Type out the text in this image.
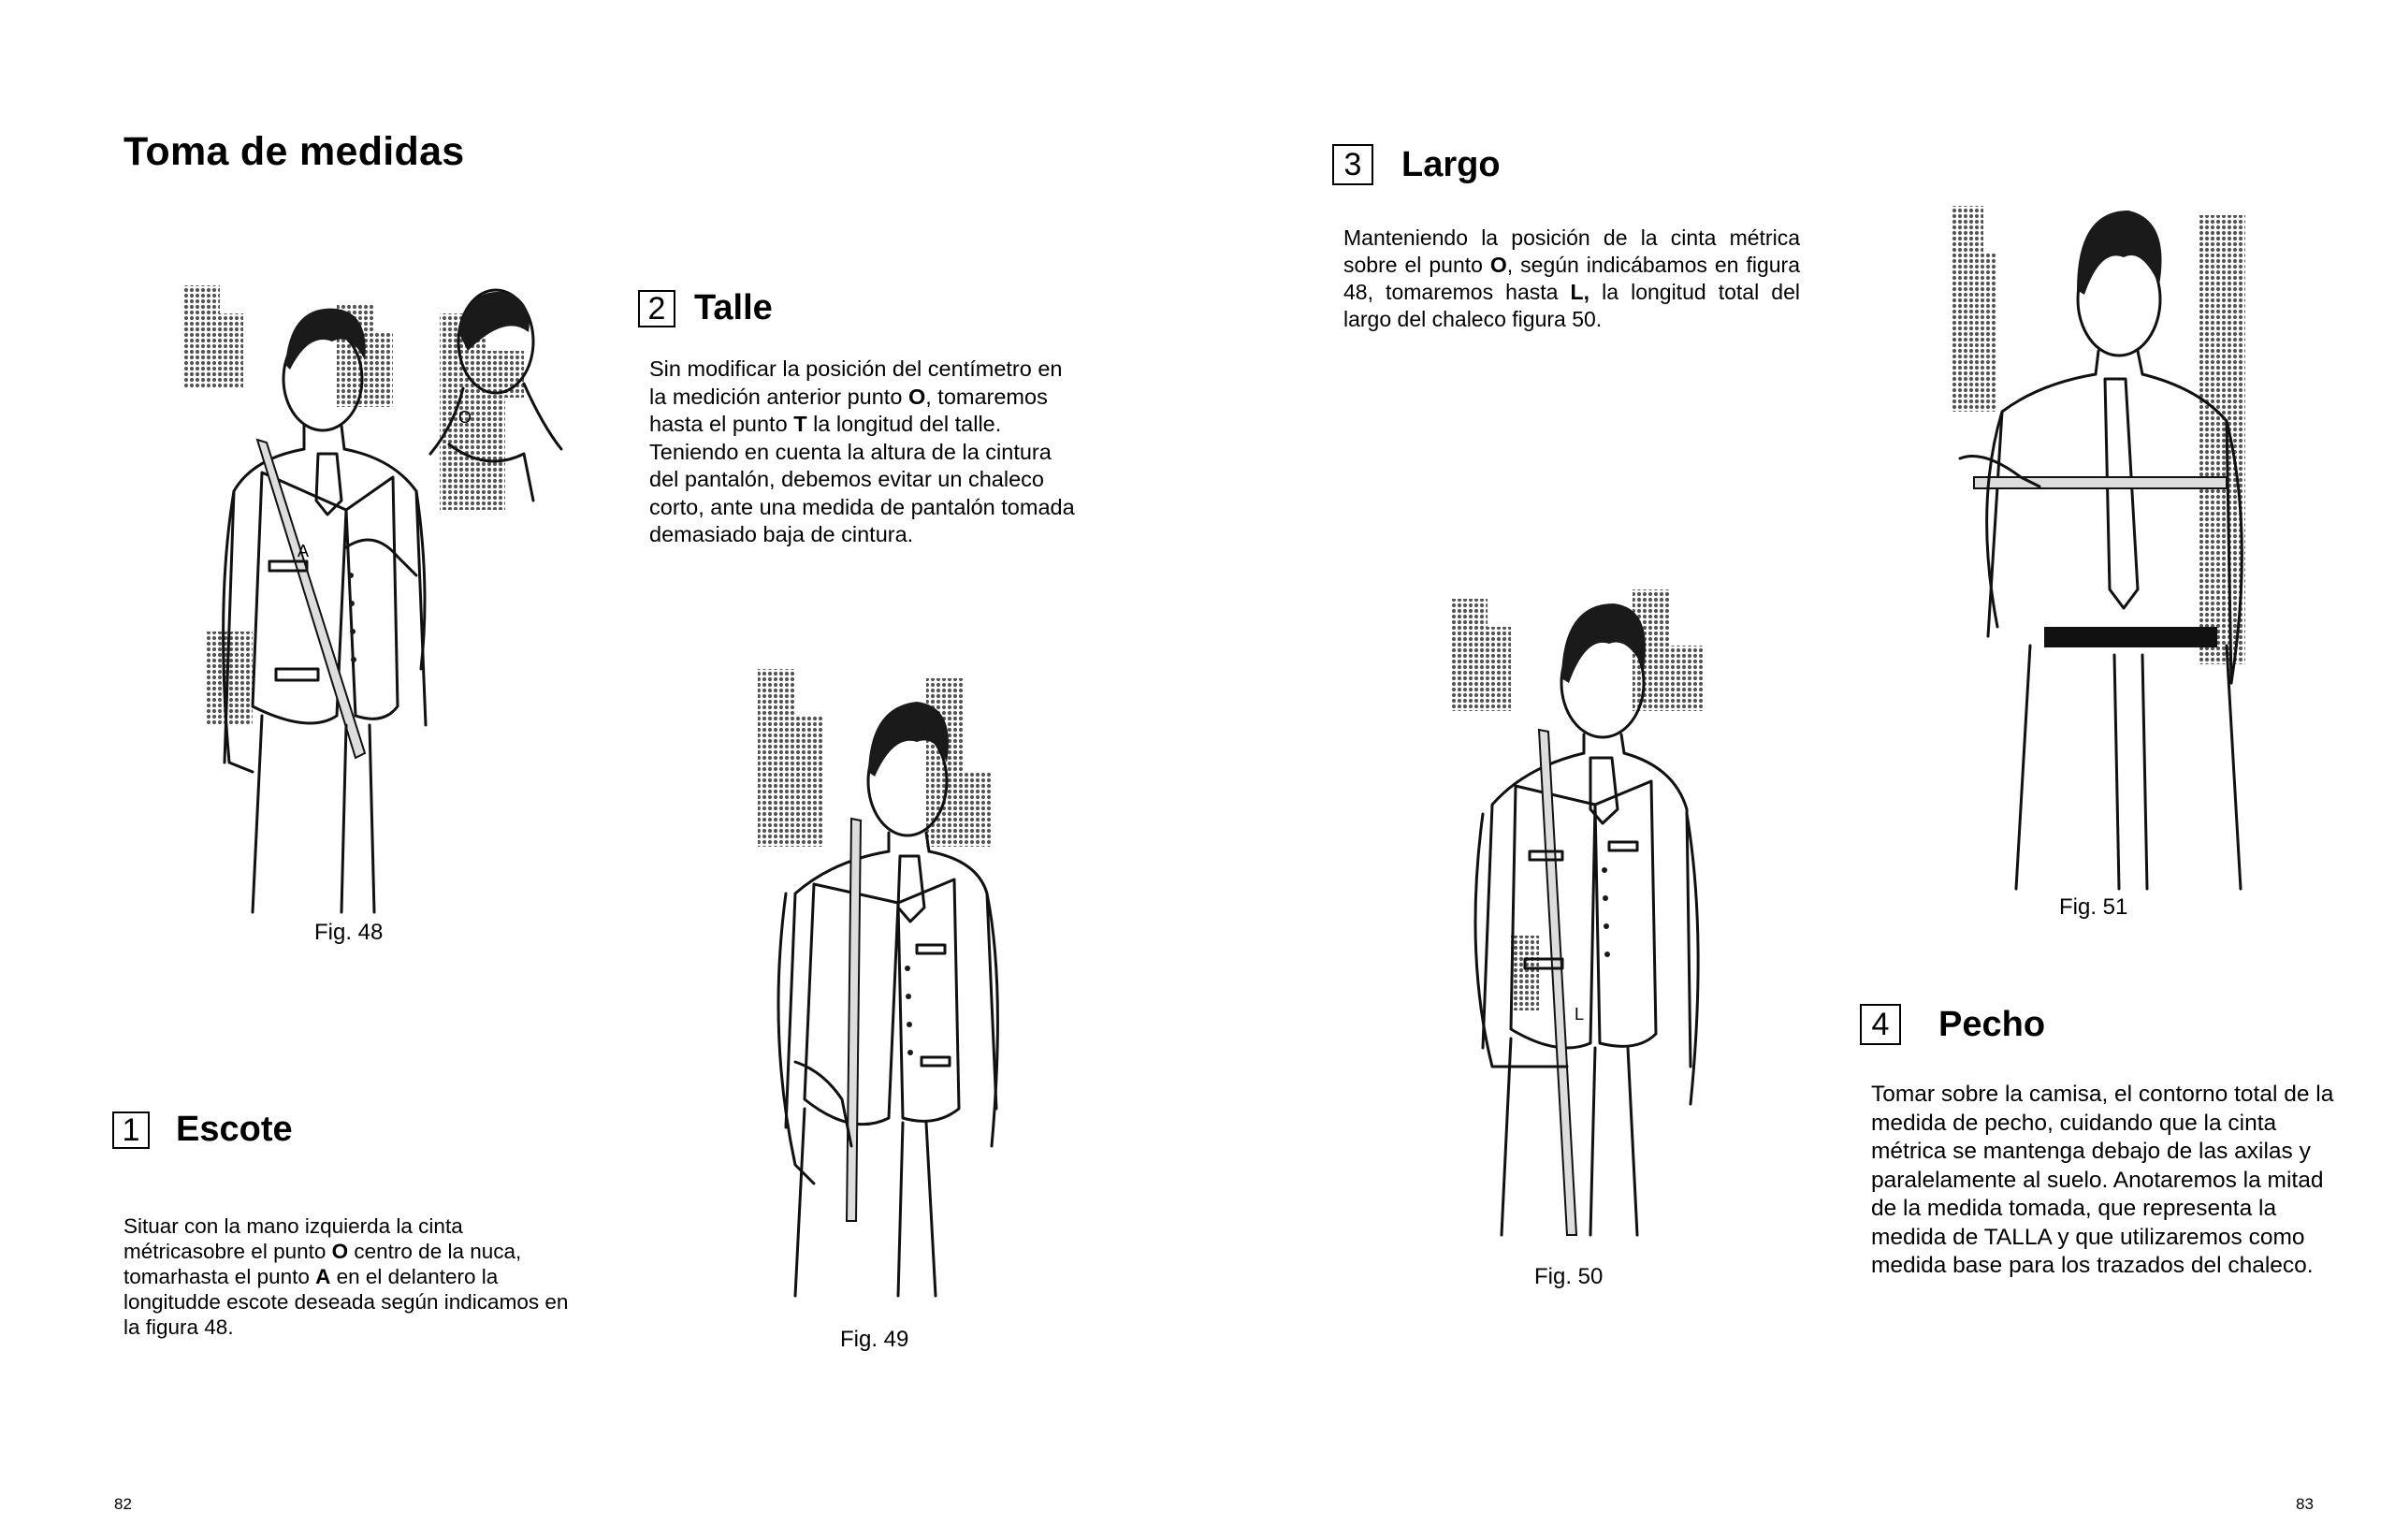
Toma de medidas
A
O
Fig. 48
2 Talle
Sin modificar la posición del centímetro en la medición anterior punto O, tomaremos hasta el punto T la longitud del talle. Teniendo en cuenta la altura de la cintura del pantalón, debemos evitar un chaleco corto, ante una medida de pantalón tomada demasiado baja de cintura.
Fig. 49
1 Escote
Situar con la mano izquierda la cinta métricasobre el punto O centro de la nuca, tomarhasta el punto A en el delantero la longitudde escote deseada según indicamos en la figura 48.
82
3	Largo
Manteniendo la posición de la cinta métrica sobre el punto O, según indicábamos en figura 48, tomaremos hasta L, la longitud total del largo del chaleco figura 50.
L
Fig. 50
Fig. 51
4	Pecho
Tomar sobre la camisa, el contorno total de la medida de pecho, cuidando que la cinta métrica se mantenga debajo de las axilas y paralelamente al suelo. Anotaremos la mitad de la medida tomada, que representa la medida de TALLA y que utilizaremos como medida base para los trazados del chaleco.
83
